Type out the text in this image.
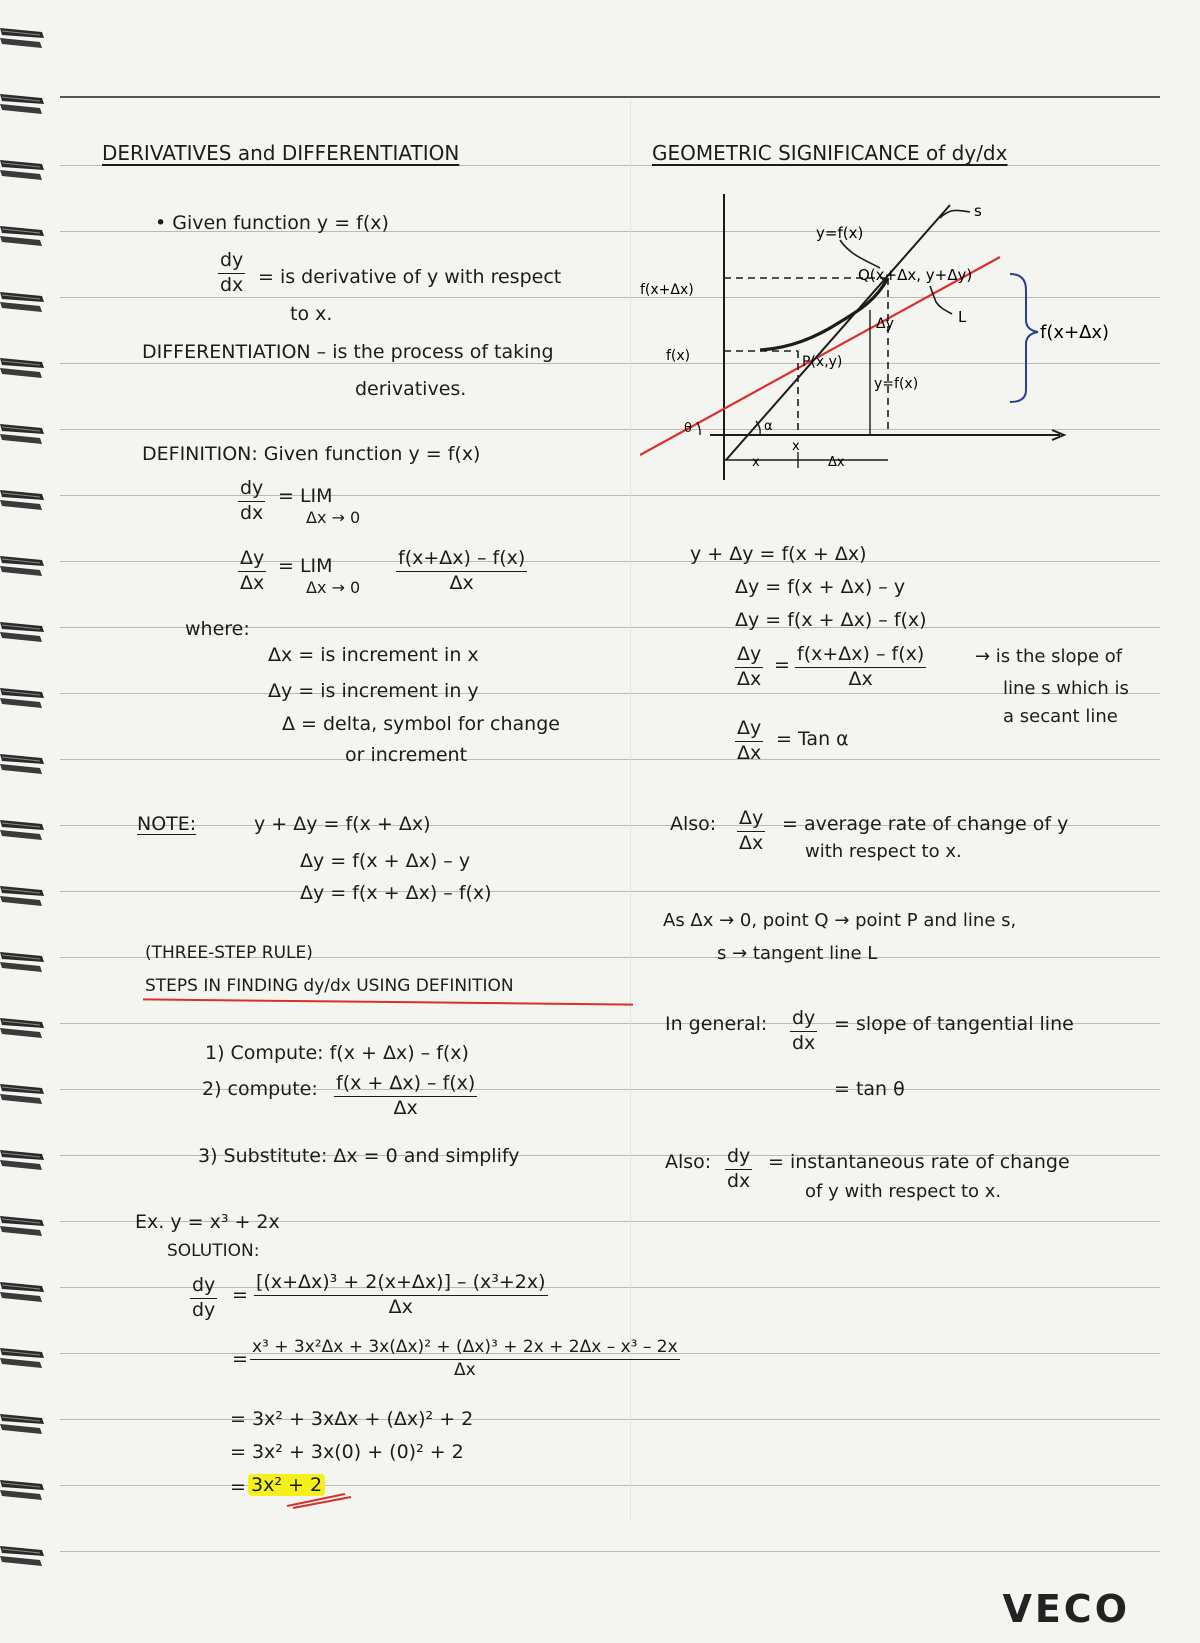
DERIVATIVES and DIFFERENTIATION
• Given function y = f(x)
$\frac{dy}{dx}$ = is derivative of y with respect
to x.
DIFFERENTIATION – is the process of taking
derivatives.
DEFINITION: Given function y = f(x)
$\frac{dy}{dx}$ = LIM
Δx → 0
$\frac{\Delta y}{\Delta x}$ = LIM
$\Delta x \to 0 \frac{f(x+\Delta x) - f(x)}{\Delta x}$
where:
Δx = is increment in x
Δy = is increment in y
Δ = delta, symbol for change
or increment
NOTE:	y + Δy = f(x + Δx)
Δy = f(x + Δx) – y
Δy = f(x + Δx) – f(x)
(THREE-STEP RULE)
STEPS IN FINDING dy/dx USING DEFINITION
1) Compute: f(x + Δx) – f(x)
2) compute: $\frac{f(x + \Delta x) - f(x)}{\Delta x}$
3) Substitute: Δx = 0 and simplify
Ex. y = x³ + 2x
SOLUTION:
$\frac{dy}{dy} = \frac{\text{[(x+Δx)³ + 2(x+Δx)] – (x³+2x)}}{\Delta x}$
= $\frac{\text{x³ + 3x²Δx + 3x(Δx)² + (Δx)³ + 2x + 2Δx – x³ – 2x}}{\Delta x}$
= 3x² + 3xΔx + (Δx)² + 2
= 3x² + 3x(0) + (0)² + 2
= 3x² + 2
GEOMETRIC SIGNIFICANCE of dy/dx
y=f(x)
s
L
Q(x+Δx, y+Δy)
P(x,y)
Δy
y=f(x)
f(x+Δx)
f(x)
θ	α
x
x	Δx
f(x+Δx)
y + Δy = f(x + Δx)
Δy = f(x + Δx) – y
Δy = f(x + Δx) – f(x)
$\frac{\Delta y}{\Delta x} = \frac{f(x+\Delta x) - f(x)}{\Delta x}$	→ is the slope of
line s which is
a secant line
$\frac{\Delta y}{\Delta x}$ = Tan α
Also: $\frac{\Delta y}{\Delta x}$ = average rate of change of y
with respect to x.
As Δx → 0, point Q → point P and line s,
s → tangent line L
In general: $\frac{dy}{dx}$ = slope of tangential line
= tan θ
Also: $\frac{dy}{dx}$ = instantaneous rate of change
of y with respect to x.
VECO
